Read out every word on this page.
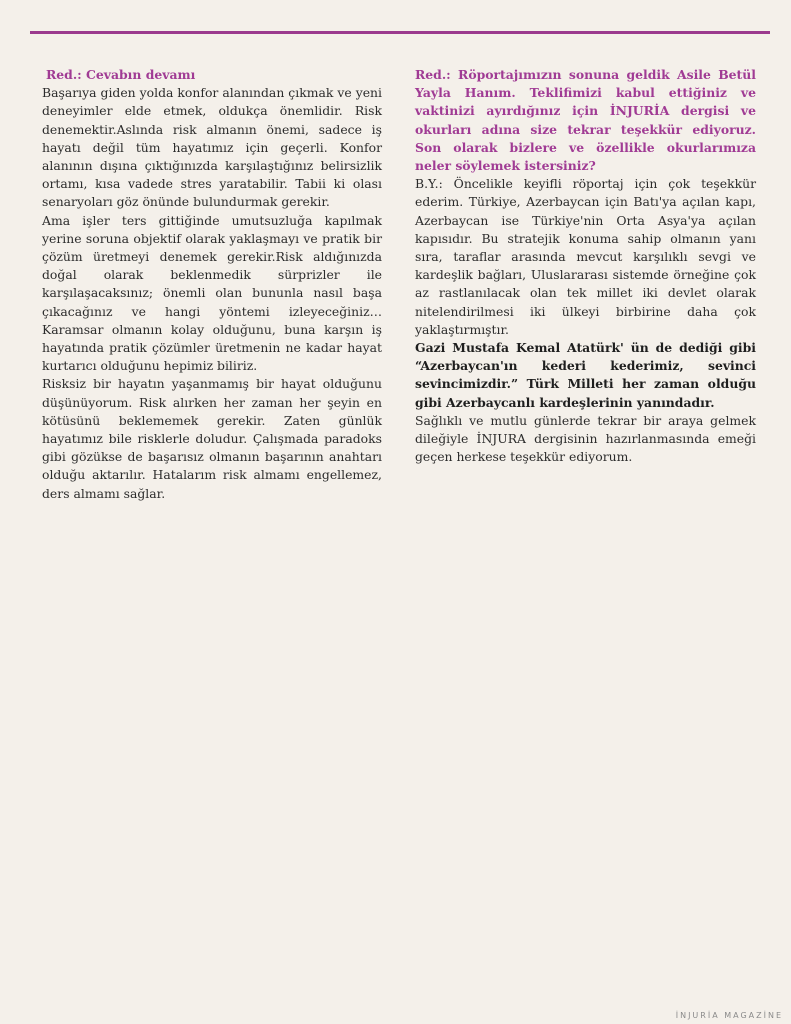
Red.: Cevabın devamı

Başarıya giden yolda konfor alanından çıkmak ve yeni deneyimler elde etmek, oldukça önemlidir. Risk denemektir.Aslında risk almanın önemi, sadece iş hayatı değil tüm hayatımız için geçerli. Konfor alanının dışına çıktığınızda karşılaştığınız belirsizlik ortamı, kısa vadede stres yaratabilir. Tabii ki olası senaryoları göz önünde bulundurmak gerekir.

Ama işler ters gittiğinde umutsuzluğa kapılmak yerine soruna objektif olarak yaklaşmayı ve pratik bir çözüm üretmeyi denemek gerekir.Risk aldığınızda doğal olarak beklenmedik sürprizler ile karşılaşacaksınız; önemli olan bununla nasıl başa çıkacağınız ve hangi yöntemi izleyeceğiniz… Karamsar olmanın kolay olduğunu, buna karşın iş hayatında pratik çözümler üretmenin ne kadar hayat kurtarıcı olduğunu hepimiz biliriz.

Risksiz bir hayatın yaşanmamış bir hayat olduğunu düşünüyorum. Risk alırken her zaman her şeyin en kötüsünü beklememek gerekir. Zaten günlük hayatımız bile risklerle doludur. Çalışmada paradoks gibi gözükse de başarısız olmanın başarının anahtarı olduğu aktarılır. Hatalarım risk almamı engellemez, ders almamı sağlar.

Red.: Röportajımızın sonuna geldik Asile Betül Yayla Hanım. Teklifimizi kabul ettiğiniz ve vaktinizi ayırdığınız için İNJURİA dergisi ve okurları adına size tekrar teşekkür ediyoruz. Son olarak bizlere ve özellikle okurlarımıza neler söylemek istersiniz?

B.Y.: Öncelikle keyifli röportaj için çok teşekkür ederim. Türkiye, Azerbaycan için Batı'ya açılan kapı, Azerbaycan ise Türkiye'nin Orta Asya'ya açılan kapısıdır. Bu stratejik konuma sahip olmanın yanı sıra, taraflar arasında mevcut karşılıklı sevgi ve kardeşlik bağları, Uluslararası sistemde örneğine çok az rastlanılacak olan tek millet iki devlet olarak nitelendirilmesi iki ülkeyi birbirine daha çok yaklaştırmıştır.

Gazi Mustafa Kemal Atatürk' ün de dediği gibi “Azerbaycan'ın kederi kederimiz, sevinci sevincimizdir.” Türk Milleti her zaman olduğu gibi Azerbaycanlı kardeşlerinin yanındadır.

Sağlıklı ve mutlu günlerde tekrar bir araya gelmek dileğiyle İNJURA dergisinin hazırlanmasında emeği geçen herkese teşekkür ediyorum.

İNJURİA MAGAZİNE
